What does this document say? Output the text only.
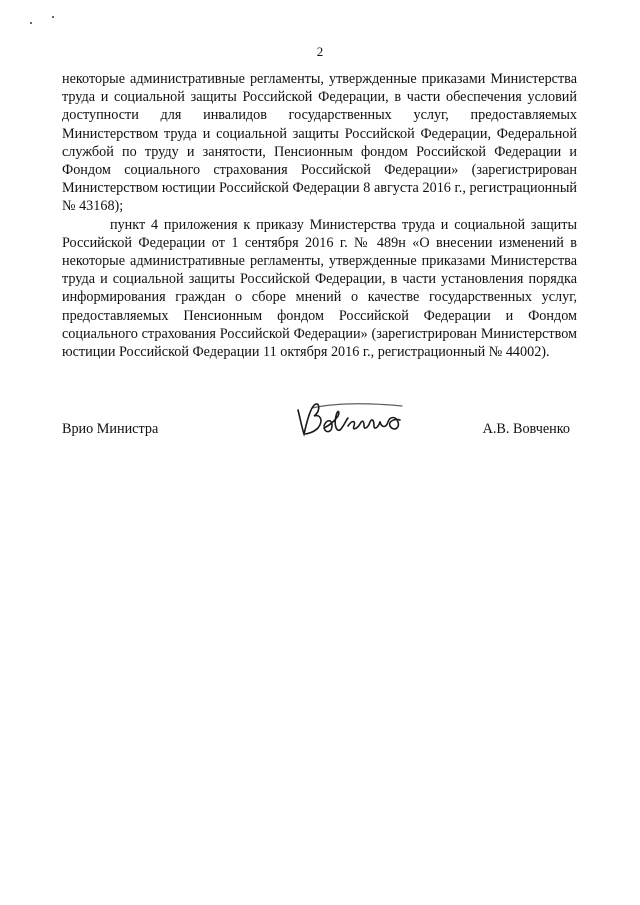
2

некоторые административные регламенты, утвержденные приказами Министерства труда и социальной защиты Российской Федерации, в части обеспечения условий доступности для инвалидов государственных услуг, предоставляемых Министерством труда и социальной защиты Российской Федерации, Федеральной службой по труду и занятости, Пенсионным фондом Российской Федерации и Фондом социального страхования Российской Федерации» (зарегистрирован Министерством юстиции Российской Федерации 8 августа 2016 г., регистрационный № 43168);

пункт 4 приложения к приказу Министерства труда и социальной защиты Российской Федерации от 1 сентября 2016 г. № 489н «О внесении изменений в некоторые административные регламенты, утвержденные приказами Министерства труда и социальной защиты Российской Федерации, в части установления порядка информирования граждан о сборе мнений о качестве государственных услуг, предоставляемых Пенсионным фондом Российской Федерации и Фондом социального страхования Российской Федерации» (зарегистрирован Министерством юстиции Российской Федерации 11 октября 2016 г., регистрационный № 44002).

Врио Министра	А.В. Вовченко
